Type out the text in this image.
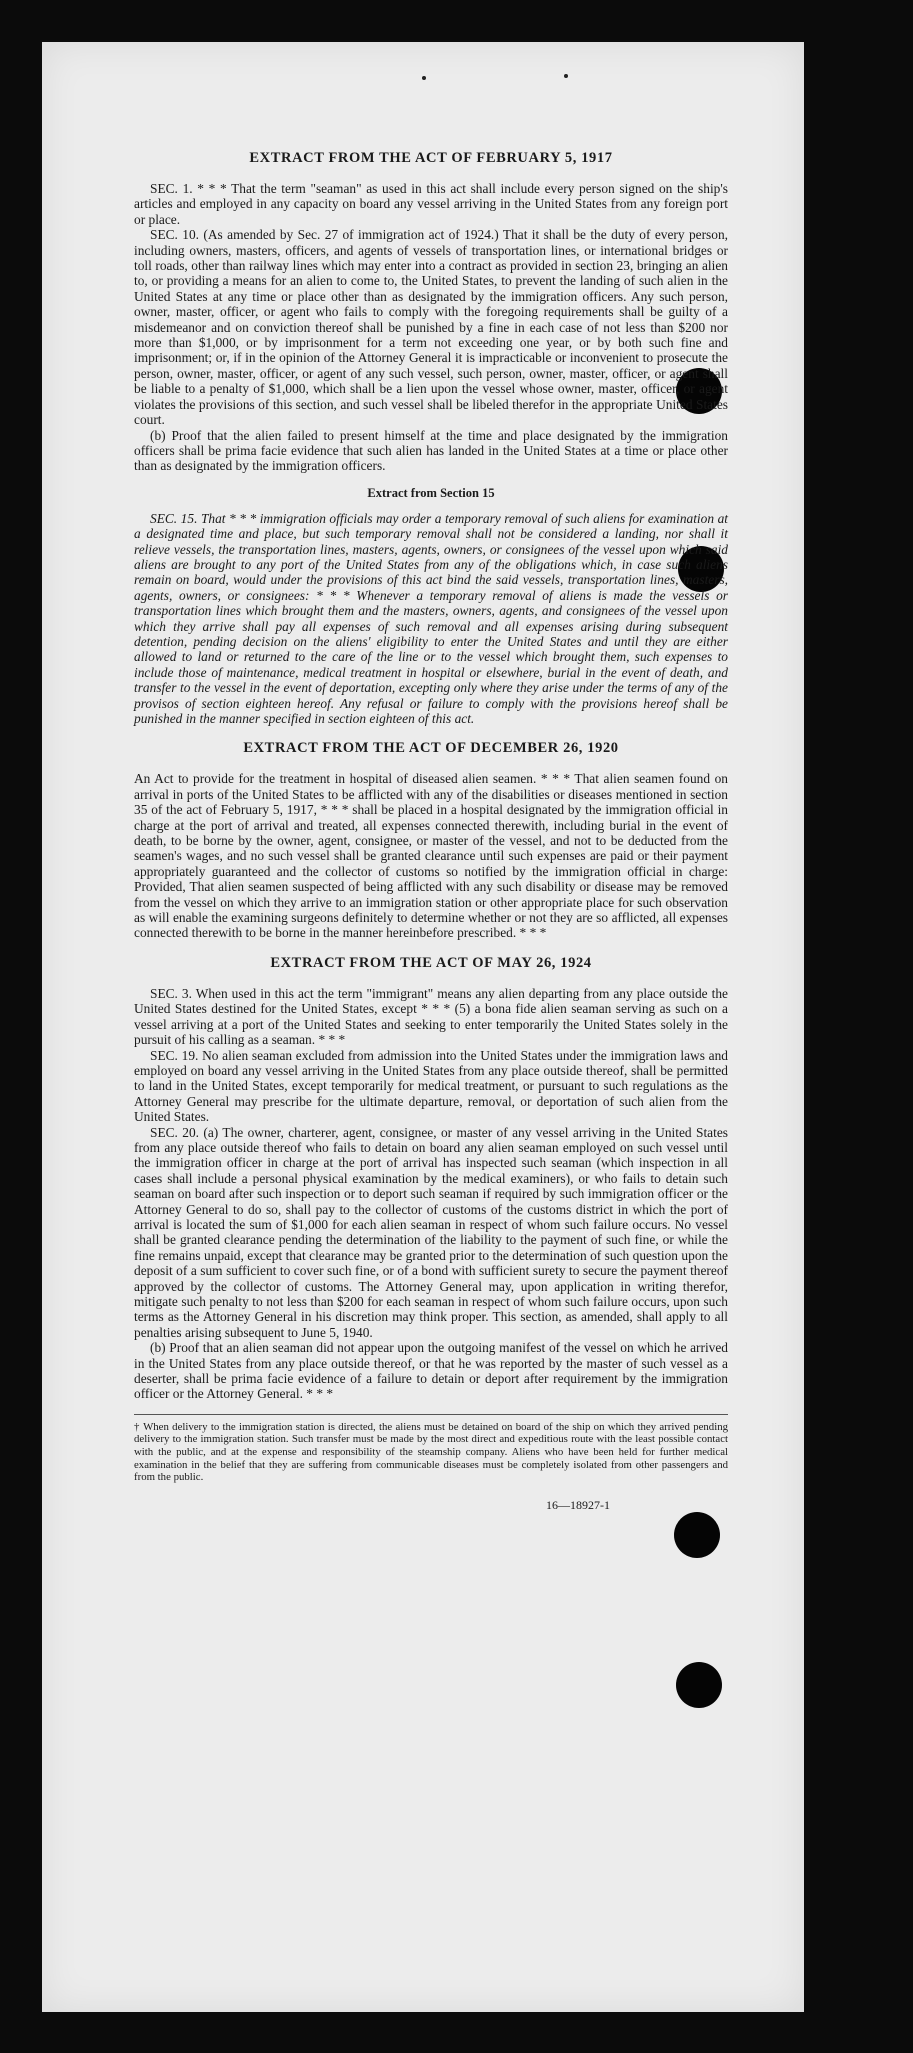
EXTRACT FROM THE ACT OF FEBRUARY 5, 1917

SEC. 1. * * * That the term "seaman" as used in this act shall include every person signed on the ship's articles and employed in any capacity on board any vessel arriving in the United States from any foreign port or place.

SEC. 10. (As amended by Sec. 27 of immigration act of 1924.) That it shall be the duty of every person, including owners, masters, officers, and agents of vessels of transportation lines, or international bridges or toll roads, other than railway lines which may enter into a contract as provided in section 23, bringing an alien to, or providing a means for an alien to come to, the United States, to prevent the landing of such alien in the United States at any time or place other than as designated by the immigration officers. Any such person, owner, master, officer, or agent who fails to comply with the foregoing requirements shall be guilty of a misdemeanor and on conviction thereof shall be punished by a fine in each case of not less than $200 nor more than $1,000, or by imprisonment for a term not exceeding one year, or by both such fine and imprisonment; or, if in the opinion of the Attorney General it is impracticable or inconvenient to prosecute the person, owner, master, officer, or agent of any such vessel, such person, owner, master, officer, or agent shall be liable to a penalty of $1,000, which shall be a lien upon the vessel whose owner, master, officer, or agent violates the provisions of this section, and such vessel shall be libeled therefor in the appropriate United States court.

(b) Proof that the alien failed to present himself at the time and place designated by the immigration officers shall be prima facie evidence that such alien has landed in the United States at a time or place other than as designated by the immigration officers.

Extract from Section 15

SEC. 15. That * * * immigration officials may order a temporary removal of such aliens for examination at a designated time and place, but such temporary removal shall not be considered a landing, nor shall it relieve vessels, the transportation lines, masters, agents, owners, or consignees of the vessel upon which said aliens are brought to any port of the United States from any of the obligations which, in case such aliens remain on board, would under the provisions of this act bind the said vessels, transportation lines, masters, agents, owners, or consignees: * * * Whenever a temporary removal of aliens is made the vessels or transportation lines which brought them and the masters, owners, agents, and consignees of the vessel upon which they arrive shall pay all expenses of such removal and all expenses arising during subsequent detention, pending decision on the aliens' eligibility to enter the United States and until they are either allowed to land or returned to the care of the line or to the vessel which brought them, such expenses to include those of maintenance, medical treatment in hospital or elsewhere, burial in the event of death, and transfer to the vessel in the event of deportation, excepting only where they arise under the terms of any of the provisos of section eighteen hereof. Any refusal or failure to comply with the provisions hereof shall be punished in the manner specified in section eighteen of this act.

EXTRACT FROM THE ACT OF DECEMBER 26, 1920

An Act to provide for the treatment in hospital of diseased alien seamen. * * * That alien seamen found on arrival in ports of the United States to be afflicted with any of the disabilities or diseases mentioned in section 35 of the act of February 5, 1917, * * * shall be placed in a hospital designated by the immigration official in charge at the port of arrival and treated, all expenses connected therewith, including burial in the event of death, to be borne by the owner, agent, consignee, or master of the vessel, and not to be deducted from the seamen's wages, and no such vessel shall be granted clearance until such expenses are paid or their payment appropriately guaranteed and the collector of customs so notified by the immigration official in charge: Provided, That alien seamen suspected of being afflicted with any such disability or disease may be removed from the vessel on which they arrive to an immigration station or other appropriate place for such observation as will enable the examining surgeons definitely to determine whether or not they are so afflicted, all expenses connected therewith to be borne in the manner hereinbefore prescribed. * * *

EXTRACT FROM THE ACT OF MAY 26, 1924

SEC. 3. When used in this act the term "immigrant" means any alien departing from any place outside the United States destined for the United States, except * * * (5) a bona fide alien seaman serving as such on a vessel arriving at a port of the United States and seeking to enter temporarily the United States solely in the pursuit of his calling as a seaman. * * *

SEC. 19. No alien seaman excluded from admission into the United States under the immigration laws and employed on board any vessel arriving in the United States from any place outside thereof, shall be permitted to land in the United States, except temporarily for medical treatment, or pursuant to such regulations as the Attorney General may prescribe for the ultimate departure, removal, or deportation of such alien from the United States.

SEC. 20. (a) The owner, charterer, agent, consignee, or master of any vessel arriving in the United States from any place outside thereof who fails to detain on board any alien seaman employed on such vessel until the immigration officer in charge at the port of arrival has inspected such seaman (which inspection in all cases shall include a personal physical examination by the medical examiners), or who fails to detain such seaman on board after such inspection or to deport such seaman if required by such immigration officer or the Attorney General to do so, shall pay to the collector of customs of the customs district in which the port of arrival is located the sum of $1,000 for each alien seaman in respect of whom such failure occurs. No vessel shall be granted clearance pending the determination of the liability to the payment of such fine, or while the fine remains unpaid, except that clearance may be granted prior to the determination of such question upon the deposit of a sum sufficient to cover such fine, or of a bond with sufficient surety to secure the payment thereof approved by the collector of customs. The Attorney General may, upon application in writing therefor, mitigate such penalty to not less than $200 for each seaman in respect of whom such failure occurs, upon such terms as the Attorney General in his discretion may think proper. This section, as amended, shall apply to all penalties arising subsequent to June 5, 1940.

(b) Proof that an alien seaman did not appear upon the outgoing manifest of the vessel on which he arrived in the United States from any place outside thereof, or that he was reported by the master of such vessel as a deserter, shall be prima facie evidence of a failure to detain or deport after requirement by the immigration officer or the Attorney General. * * *

† When delivery to the immigration station is directed, the aliens must be detained on board of the ship on which they arrived pending delivery to the immigration station. Such transfer must be made by the most direct and expeditious route with the least possible contact with the public, and at the expense and responsibility of the steamship company. Aliens who have been held for further medical examination in the belief that they are suffering from communicable diseases must be completely isolated from other passengers and from the public.

16—18927-1
